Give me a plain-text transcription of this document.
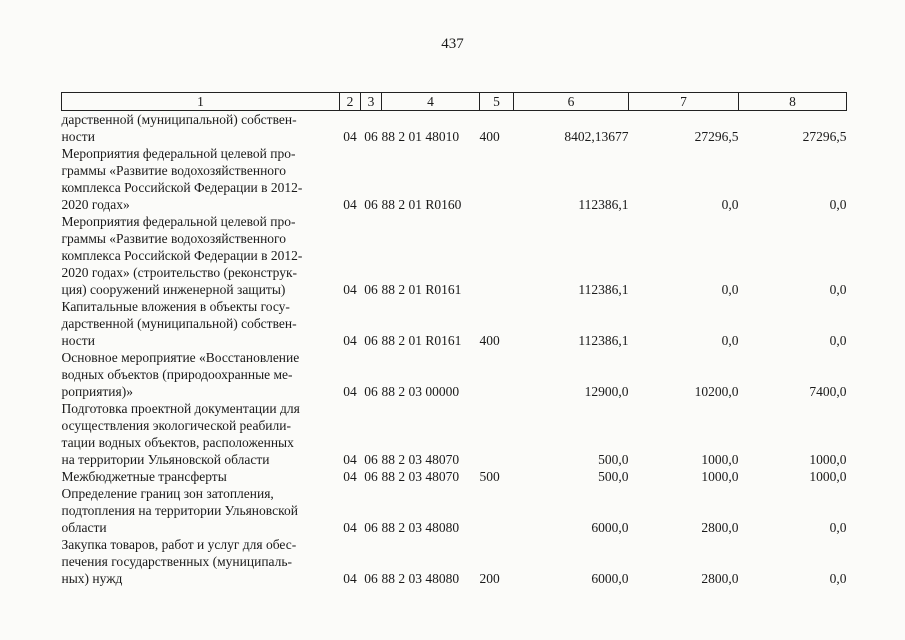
437
1	2	3	4	5	6	7	8

дарственной (муниципальной) собствен-
ности	04	06	88 2 01 48010	400	8402,13677	27296,5	27296,5

Мероприятия федеральной целевой про-
граммы «Развитие водохозяйственного
комплекса Российской Федерации в 2012-
2020 годах»	04	06	88 2 01 R0160		112386,1	0,0	0,0

Мероприятия федеральной целевой про-
граммы «Развитие водохозяйственного
комплекса Российской Федерации в 2012-
2020 годах» (строительство (реконструк-
ция) сооружений инженерной защиты)	04	06	88 2 01 R0161		112386,1	0,0	0,0

Капитальные вложения в объекты госу-
дарственной (муниципальной) собствен-
ности	04	06	88 2 01 R0161	400	112386,1	0,0	0,0

Основное мероприятие «Восстановление
водных объектов (природоохранные ме-
роприятия)»	04	06	88 2 03 00000		12900,0	10200,0	7400,0

Подготовка проектной документации для
осуществления экологической реабили-
тации водных объектов, расположенных
на территории Ульяновской области	04	06	88 2 03 48070		500,0	1000,0	1000,0

Межбюджетные трансферты	04	06	88 2 03 48070	500	500,0	1000,0	1000,0

Определение границ зон затопления,
подтопления на территории Ульяновской
области	04	06	88 2 03 48080		6000,0	2800,0	0,0

Закупка товаров, работ и услуг для обес-
печения государственных (муниципаль-
ных) нужд	04	06	88 2 03 48080	200	6000,0	2800,0	0,0
